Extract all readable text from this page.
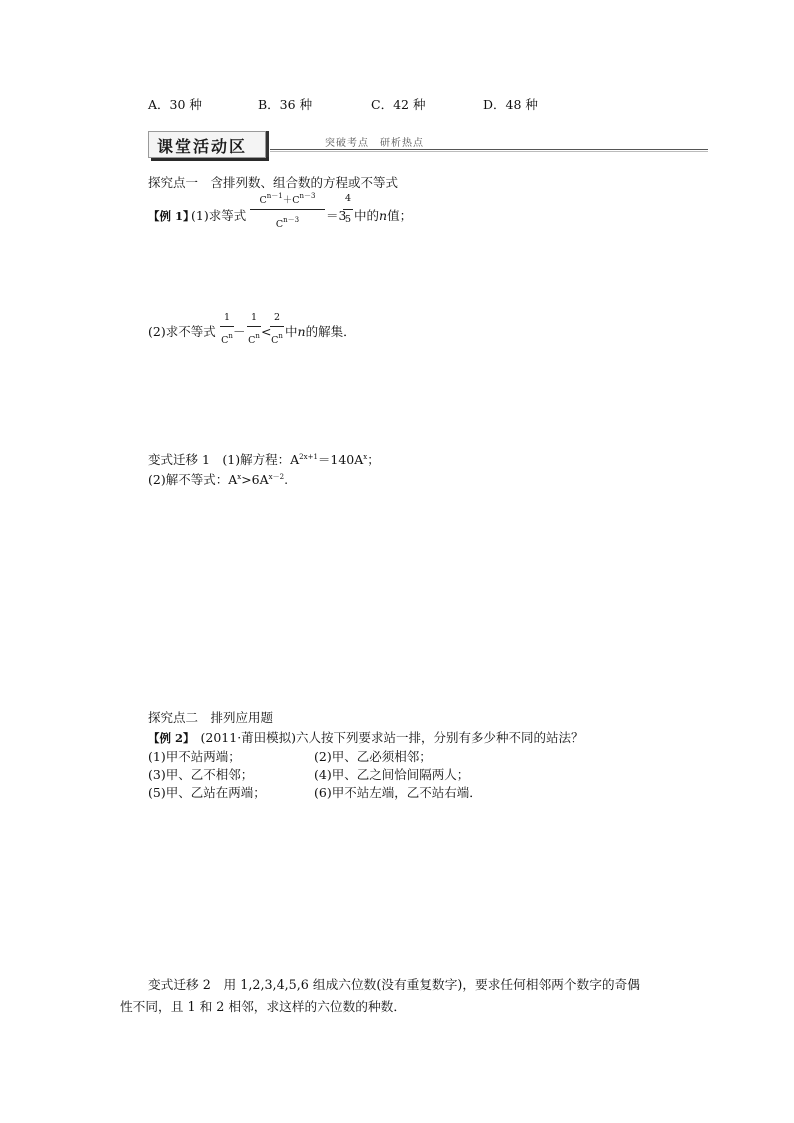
A．30 种	B．36 种	C．42 种	D．48 种
课堂活动区	突破考点　研析热点
探究点一　含排列数、组合数的方程或不等式
【例 1】
(1)求等式
$C^{n-1}+C^{n-3}$
$C^{n-3}$	＝3
4
5 中的n值；
(2)求不等式
1
$C^n$ －
1
$C^n$ <
2
$C^n$ 中n的解集．
变式迁移 1　(1)解方程：$A^{2x+1}=140A^x$；
(2)解不等式：$A^x>6A^{x-2}$.
探究点二　排列应用题
【例 2】 (2011·莆田模拟)六人按下列要求站一排，分别有多少种不同的站法？
(1)甲不站两端；	(2)甲、乙必须相邻；
(3)甲、乙不相邻；	(4)甲、乙之间恰间隔两人；
(5)甲、乙站在两端；	(6)甲不站左端，乙不站右端．
变式迁移 2　用 1,2,3,4,5,6 组成六位数(没有重复数字)，要求任何相邻两个数字的奇偶
性不同，且 1 和 2 相邻，求这样的六位数的种数．
